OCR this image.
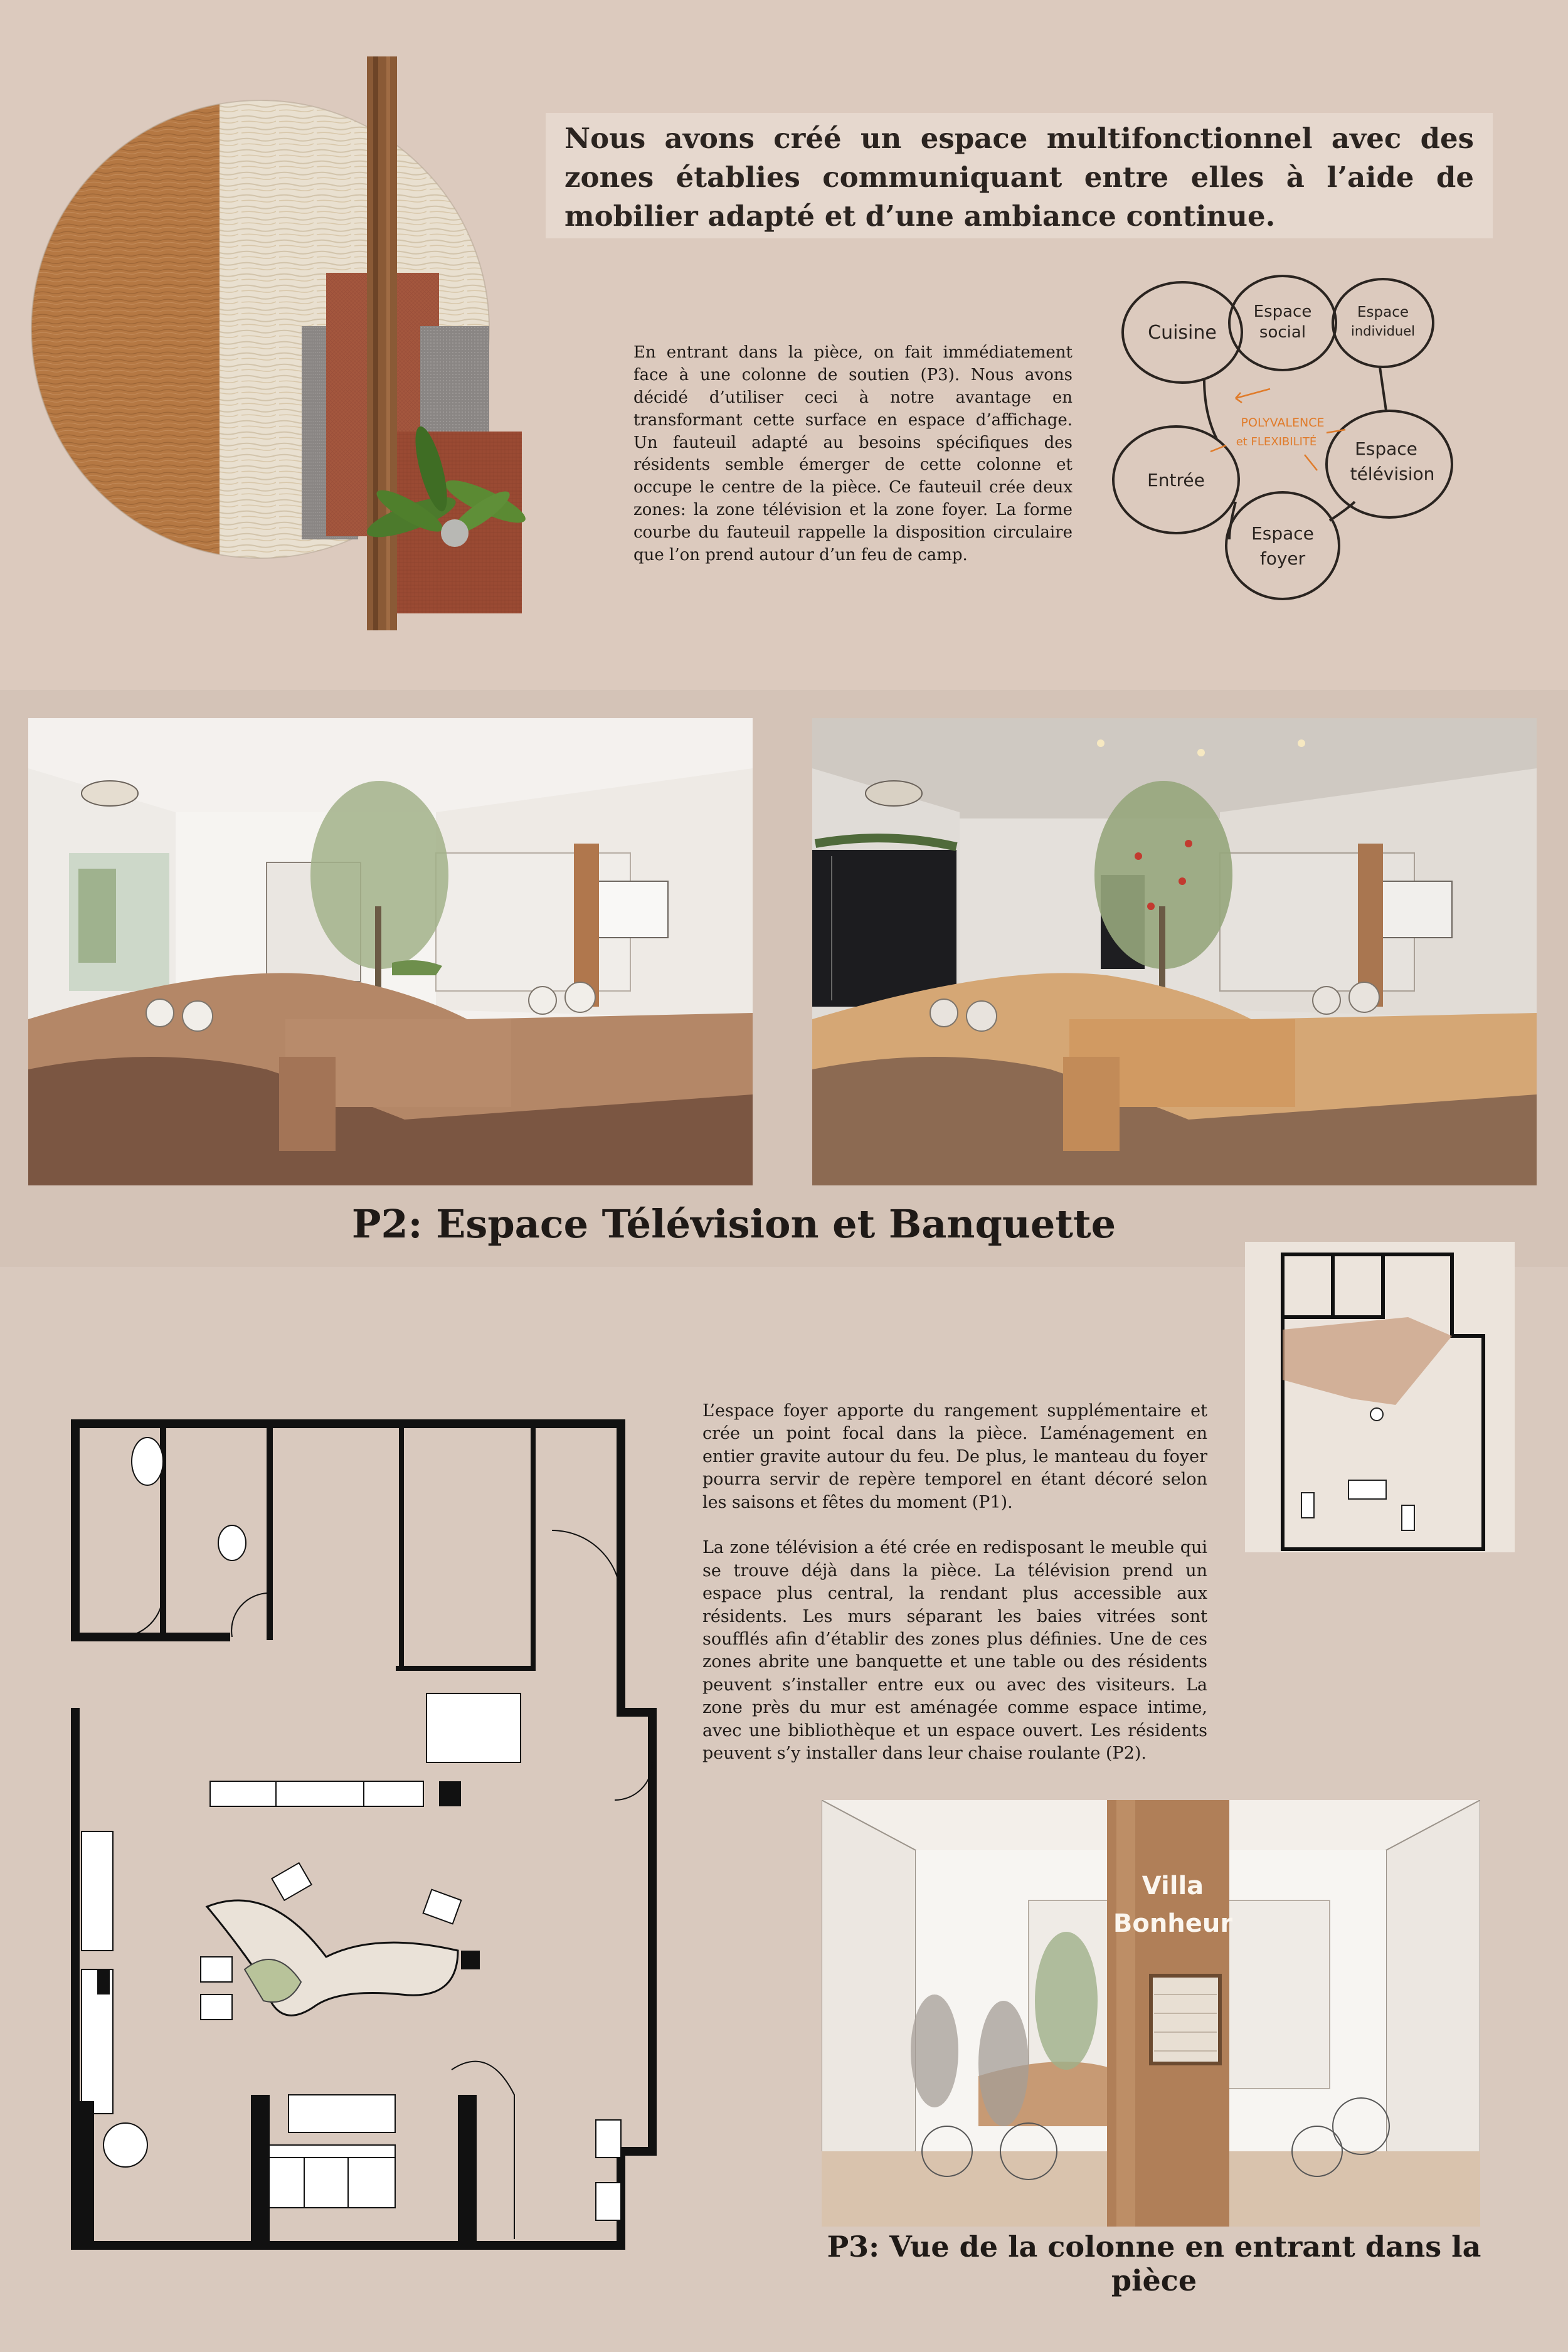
Nous avons créé un espace multifonctionnel avec des zones établies communiquant entre elles à l’aide de mobilier adapté et d’une ambiance continue.

En entrant dans la pièce, on fait immédiatement face à une colonne de soutien (P3). Nous avons décidé d’utiliser ceci à notre avantage en transformant cette surface en espace d’affichage. Un fauteuil adapté au besoins spécifiques des résidents semble émerger de cette colonne et occupe le centre de la pièce. Ce fauteuil crée deux zones: la zone télévision et la zone foyer. La forme courbe du fauteuil rappelle la disposition circulaire que l’on prend autour d’un feu de camp.

Cuisine
Espace
social
Espace
individuel
Entrée
Espace
télévision
Espace
foyer
POLYVALENCE
et FLEXIBILITÉ

P2: Espace Télévision et Banquette

L’espace foyer apporte du rangement supplémentaire et crée un point focal dans la pièce. L’aménagement en entier gravite autour du feu. De plus, le manteau du foyer pourra servir de repère temporel en étant décoré selon les saisons et fêtes du moment (P1).

La zone télévision a été crée en redisposant le meuble qui se trouve déjà dans la pièce. La télévision prend un espace plus central, la rendant plus accessible aux résidents. Les murs séparant les baies vitrées sont soufflés afin d’établir des zones plus définies. Une de ces zones abrite une banquette et une table ou des résidents peuvent s’installer entre eux ou avec des visiteurs. La zone près du mur est aménagée comme espace intime, avec une bibliothèque et un espace ouvert. Les résidents peuvent s’y installer dans leur chaise roulante (P2).

Villa
Bonheur

P3: Vue de la colonne en entrant dans la pièce
